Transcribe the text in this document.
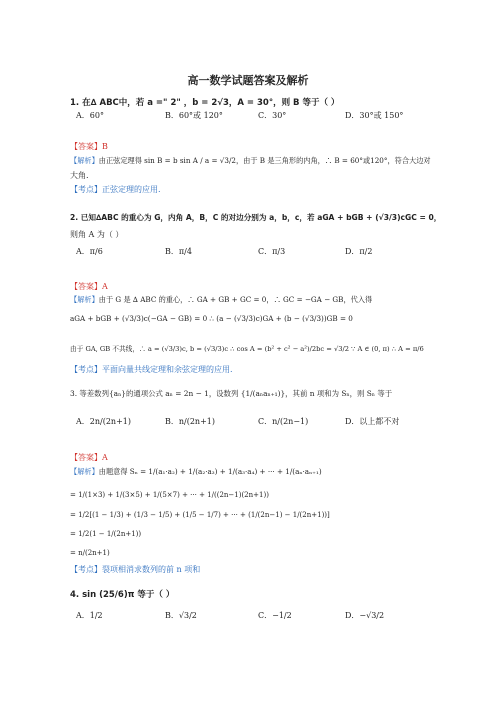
高一数学试题答案及解析
1. 在∆ ABC中，若 a =" 2" ，b = 2√3，A = 30°，则 B 等于（ ）
A．60°	B．60°或 120°	C．30°	D．30°或 150°
【答案】B
【解析】由正弦定理得 sin B = b sin A / a = √3/2，由于 B 是三角形的内角，∴ B = 60°或120°，符合大边对
大角.
【考点】正弦定理的应用.
2. 已知∆ABC 的重心为 G，内角 A，B，C 的对边分别为 a，b，c，若 aGA + bGB + (√3/3)cGC = 0，
则角 A 为（ ）
A．π/6	B．π/4	C．π/3	D．π/2
【答案】A
【解析】由于 G 是 ∆ ABC 的重心，∴ GA + GB + GC = 0，∴ GC = −GA − GB，代入得
aGA + bGB + (√3/3)c(−GA − GB) = 0 ∴ (a − (√3/3)c)GA + (b − (√3/3))GB = 0
由于 GA, GB 不共线，∴ a = (√3/3)c, b = (√3/3)c ∴ cos A = (b² + c² − a²)/2bc = √3/2 ∵ A ∈ (0, π) ∴ A = π/6
【考点】平面向量共线定理和余弦定理的应用.
3. 等差数列{aₙ}的通项公式 aₙ = 2n − 1，设数列 {1/(aₙaₙ₊₁)}，其前 n 项和为 Sₙ，则 Sₙ 等于
A．2n/(2n+1)	B．n/(2n+1)	C．n/(2n−1)	D．以上都不对
【答案】A
【解析】由题意得 Sₙ = 1/(a₁·a₂) + 1/(a₂·a₃) + 1/(a₃·a₄) + ··· + 1/(aₙ·aₙ₊₁)
= 1/(1×3) + 1/(3×5) + 1/(5×7) + ··· + 1/((2n−1)(2n+1))
= 1/2[(1 − 1/3) + (1/3 − 1/5) + (1/5 − 1/7) + ··· + (1/(2n−1) − 1/(2n+1))]
= 1/2(1 − 1/(2n+1))
= n/(2n+1)
【考点】裂项相消求数列的前 n 项和
4. sin (25/6)π 等于（ ）
A．1/2	B．√3/2	C．−1/2	D．−√3/2
